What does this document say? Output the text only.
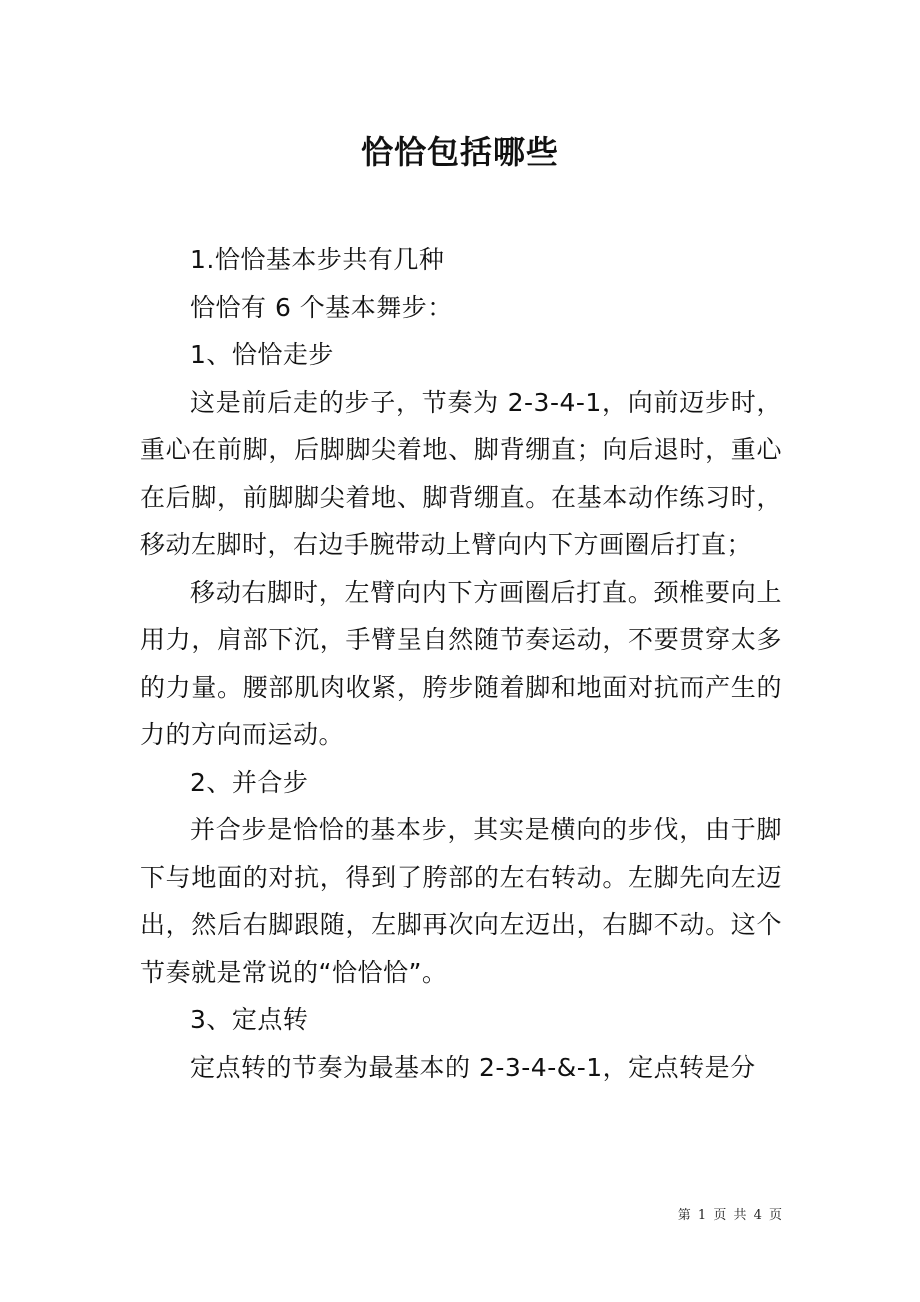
恰恰包括哪些

1.恰恰基本步共有几种

恰恰有 6 个基本舞步：

1、恰恰走步

这是前后走的步子，节奏为 2-3-4-1，向前迈步时，重心在前脚，后脚脚尖着地、脚背绷直；向后退时，重心在后脚，前脚脚尖着地、脚背绷直。在基本动作练习时，移动左脚时，右边手腕带动上臂向内下方画圈后打直；

移动右脚时，左臂向内下方画圈后打直。颈椎要向上用力，肩部下沉，手臂呈自然随节奏运动，不要贯穿太多的力量。腰部肌肉收紧，胯步随着脚和地面对抗而产生的力的方向而运动。

2、并合步

并合步是恰恰的基本步，其实是横向的步伐，由于脚下与地面的对抗，得到了胯部的左右转动。左脚先向左迈出，然后右脚跟随，左脚再次向左迈出，右脚不动。这个节奏就是常说的“恰恰恰”。

3、定点转

定点转的节奏为最基本的 2-3-4-&-1，定点转是分

第 1 页 共 4 页
